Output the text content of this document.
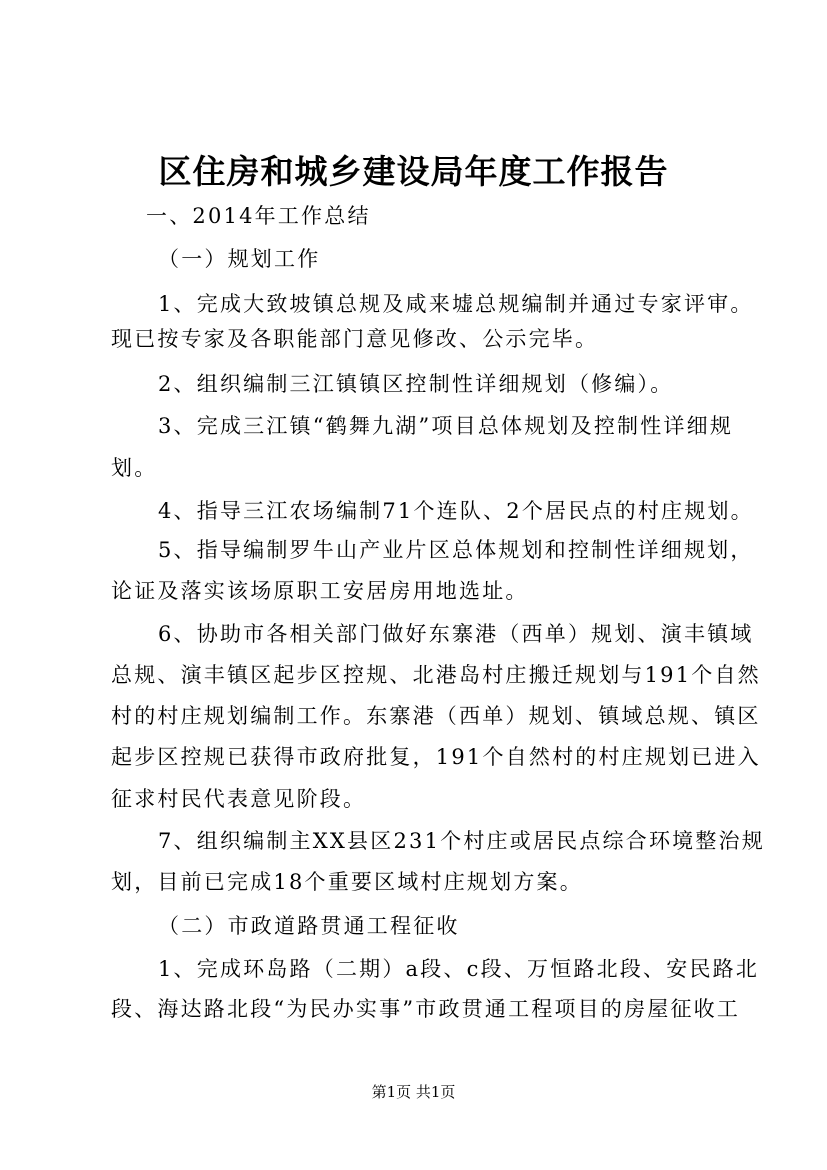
区住房和城乡建设局年度工作报告
一、2014年工作总结
（一）规划工作
1、完成大致坡镇总规及咸来墟总规编制并通过专家评审。
现已按专家及各职能部门意见修改、公示完毕。
2、组织编制三江镇镇区控制性详细规划（修编）。
3、完成三江镇“鹤舞九湖”项目总体规划及控制性详细规
划。
4、指导三江农场编制71个连队、2个居民点的村庄规划。
5、指导编制罗牛山产业片区总体规划和控制性详细规划，
论证及落实该场原职工安居房用地选址。
6、协助市各相关部门做好东寨港（西单）规划、演丰镇域
总规、演丰镇区起步区控规、北港岛村庄搬迁规划与191个自然
村的村庄规划编制工作。东寨港（西单）规划、镇域总规、镇区
起步区控规已获得市政府批复，191个自然村的村庄规划已进入
征求村民代表意见阶段。
7、组织编制主XX县区231个村庄或居民点综合环境整治规
划，目前已完成18个重要区域村庄规划方案。
（二）市政道路贯通工程征收
1、完成环岛路（二期）a段、c段、万恒路北段、安民路北
段、海达路北段“为民办实事”市政贯通工程项目的房屋征收工
第1页 共1页
